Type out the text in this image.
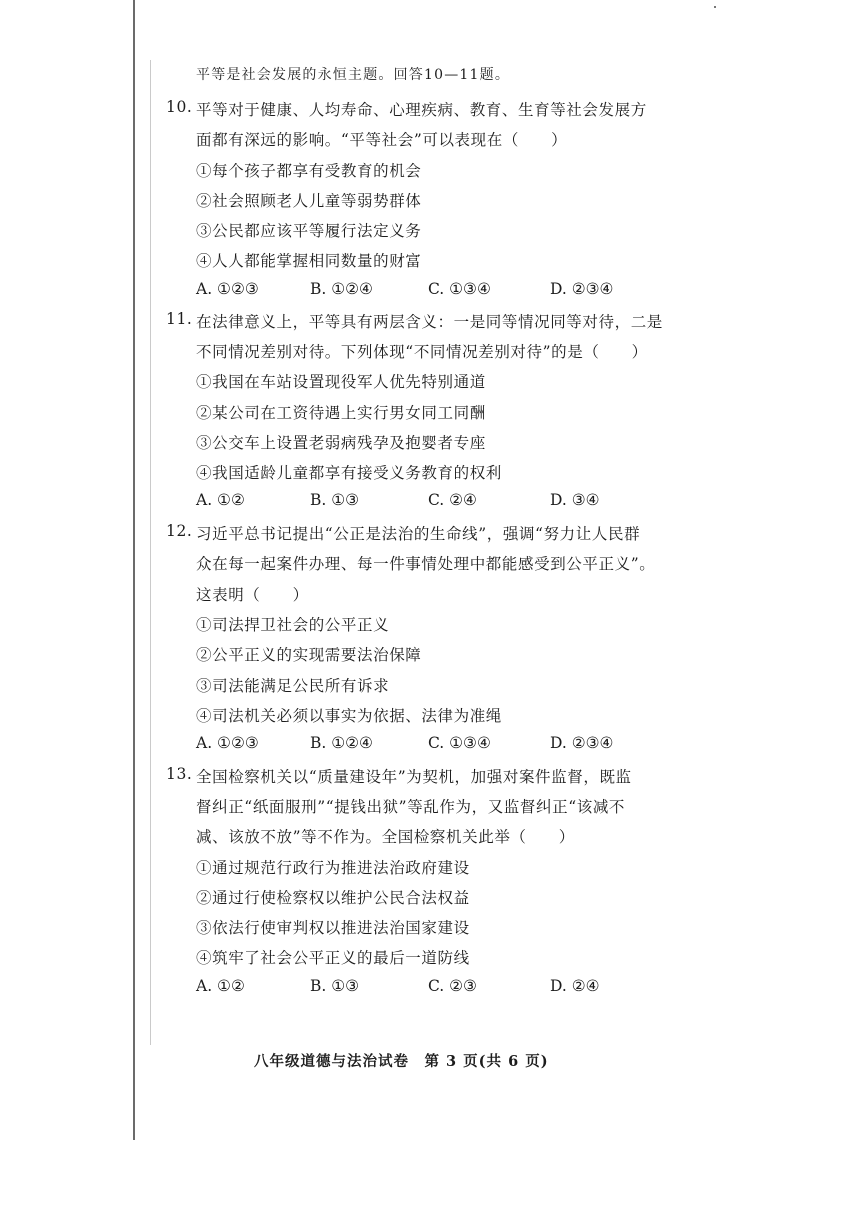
平等是社会发展的永恒主题。回答10—11题。
10. 平等对于健康、人均寿命、心理疾病、教育、生育等社会发展方
面都有深远的影响。“平等社会”可以表现在（　　）
①每个孩子都享有受教育的机会
②社会照顾老人儿童等弱势群体
③公民都应该平等履行法定义务
④人人都能掌握相同数量的财富
A. ①②③	B. ①②④	C. ①③④	D. ②③④
11. 在法律意义上，平等具有两层含义：一是同等情况同等对待，二是
不同情况差别对待。下列体现“不同情况差别对待”的是（　　）
①我国在车站设置现役军人优先特别通道
②某公司在工资待遇上实行男女同工同酬
③公交车上设置老弱病残孕及抱婴者专座
④我国适龄儿童都享有接受义务教育的权利
A. ①②	B. ①③	C. ②④	D. ③④
12. 习近平总书记提出“公正是法治的生命线”，强调“努力让人民群
众在每一起案件办理、每一件事情处理中都能感受到公平正义”。
这表明（　　）
①司法捍卫社会的公平正义
②公平正义的实现需要法治保障
③司法能满足公民所有诉求
④司法机关必须以事实为依据、法律为准绳
A. ①②③	B. ①②④	C. ①③④	D. ②③④
13. 全国检察机关以“质量建设年”为契机，加强对案件监督，既监
督纠正“纸面服刑”“提钱出狱”等乱作为，又监督纠正“该减不
减、该放不放”等不作为。全国检察机关此举（　　）
①通过规范行政行为推进法治政府建设
②通过行使检察权以维护公民合法权益
③依法行使审判权以推进法治国家建设
④筑牢了社会公平正义的最后一道防线
A. ①②	B. ①③	C. ②③	D. ②④
八年级道德与法治试卷　第 3 页(共 6 页)
